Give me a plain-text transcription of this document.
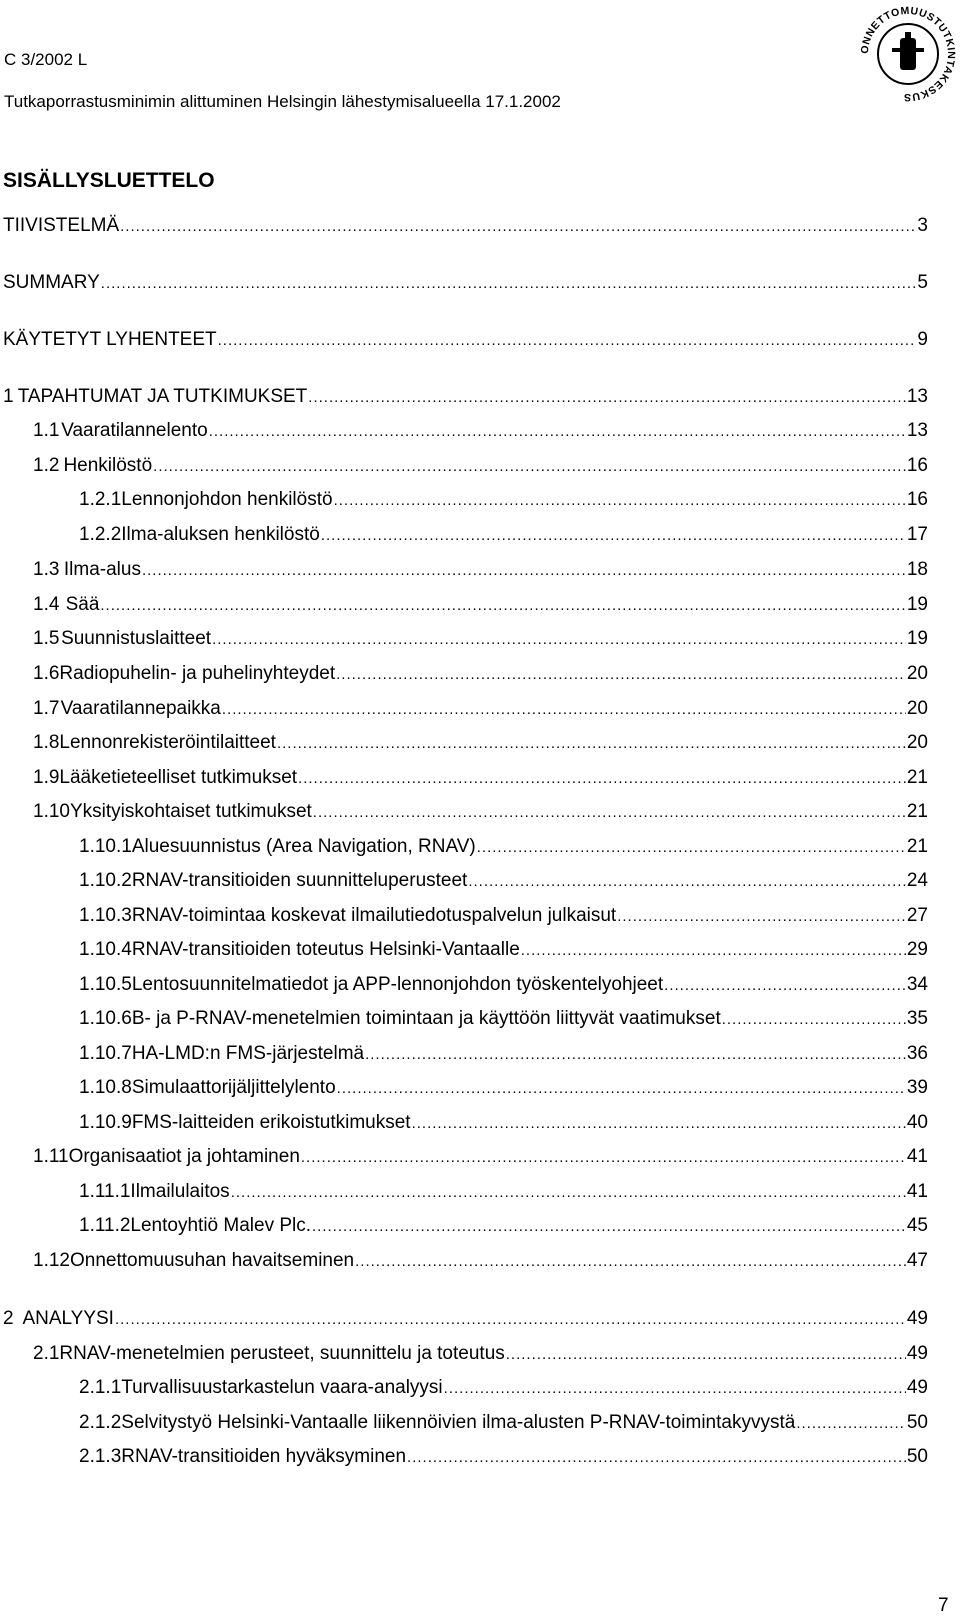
C 3/2002 L
Tutkaporrastusminimin alittuminen Helsingin lähestymisalueella 17.1.2002
ONNETTOMUUSTUTKINTAKESKUS
SISÄLLYSLUETTELO
TIIVISTELMÄ .....	3
SUMMARY .....	5
KÄYTETYT LYHENTEET .....	9
1 TAPAHTUMAT JA TUTKIMUKSET .....	13
1.1 Vaaratilannelento .....	13
1.2 Henkilöstö .....	16
1.2.1 Lennonjohdon henkilöstö .....	16
1.2.2 Ilma-aluksen henkilöstö .....	17
1.3 Ilma-alus .....	18
1.4 Sää .....	19
1.5 Suunnistuslaitteet .....	19
1.6 Radiopuhelin- ja puhelinyhteydet .....	20
1.7 Vaaratilannepaikka .....	20
1.8 Lennonrekisteröintilaitteet .....	20
1.9 Lääketieteelliset tutkimukset .....	21
1.10 Yksityiskohtaiset tutkimukset .....	21
1.10.1 Aluesuunnistus (Area Navigation, RNAV) .....	21
1.10.2 RNAV-transitioiden suunnitteluperusteet .....	24
1.10.3 RNAV-toimintaa koskevat ilmailutiedotuspalvelun julkaisut .....	27
1.10.4 RNAV-transitioiden toteutus Helsinki-Vantaalle .....	29
1.10.5 Lentosuunnitelmatiedot ja APP-lennonjohdon työskentelyohjeet .....	34
1.10.6 B- ja P-RNAV-menetelmien toimintaan ja käyttöön liittyvät vaatimukset .....	35
1.10.7 HA-LMD:n FMS-järjestelmä .....	36
1.10.8 Simulaattorijäljittelylento .....	39
1.10.9 FMS-laitteiden erikoistutkimukset .....	40
1.11 Organisaatiot ja johtaminen .....	41
1.11.1 Ilmailulaitos .....	41
1.11.2 Lentoyhtiö Malev Plc. .....	45
1.12 Onnettomuusuhan havaitseminen .....	47
2 ANALYYSI .....	49
2.1 RNAV-menetelmien perusteet, suunnittelu ja toteutus .....	49
2.1.1 Turvallisuustarkastelun vaara-analyysi .....	49
2.1.2 Selvitystyö Helsinki-Vantaalle liikennöivien ilma-alusten P-RNAV-toimintakyvystä .....	50
2.1.3 RNAV-transitioiden hyväksyminen .....	50
7
